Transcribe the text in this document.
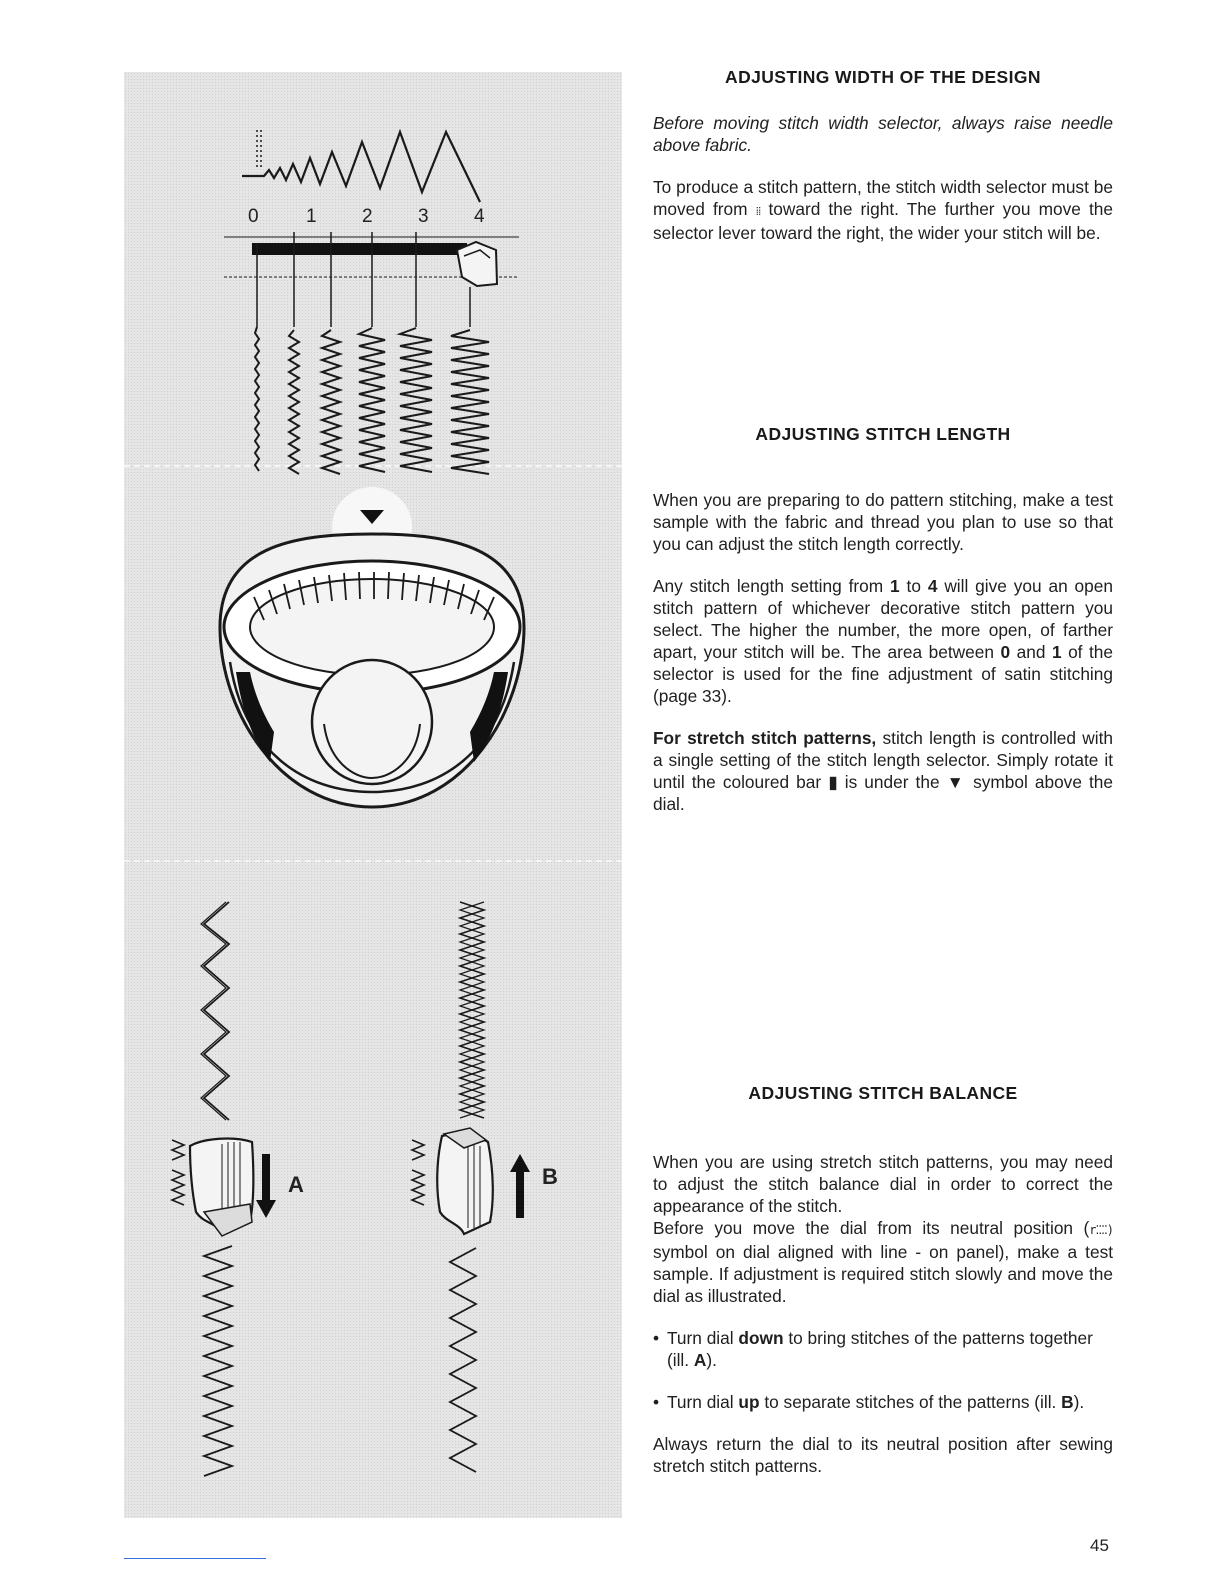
0 1 2 3 4
A	B
ADJUSTING WIDTH OF THE DESIGN

Before moving stitch width selector, always raise needle above fabric.

To produce a stitch pattern, the stitch width selector must be moved from ⁞⁞ toward the right. The further you move the selector lever toward the right, the wider your stitch will be.

ADJUSTING STITCH LENGTH

When you are preparing to do pattern stitching, make a test sample with the fabric and thread you plan to use so that you can adjust the stitch length correctly.

Any stitch length setting from 1 to 4 will give you an open stitch pattern of whichever decorative stitch pattern you select. The higher the number, the more open, of farther apart, your stitch will be. The area between 0 and 1 of the selector is used for the fine adjustment of satin stitching (page 33).

For stretch stitch patterns, stitch length is controlled with a single setting of the stitch length selector. Simply rotate it until the coloured bar ▮ is under the ▼ symbol above the dial.

ADJUSTING STITCH BALANCE

When you are using stretch stitch patterns, you may need to adjust the stitch balance dial in order to correct the appearance of the stitch.

Before you move the dial from its neutral position (r⁚⁚⁚⁚) symbol on dial aligned with line - on panel), make a test sample. If adjustment is required stitch slowly and move the dial as illustrated.

• Turn dial down to bring stitches of the patterns together (ill. A).
• Turn dial up to separate stitches of the patterns (ill. B).

Always return the dial to its neutral position after sewing stretch stitch patterns.

45
